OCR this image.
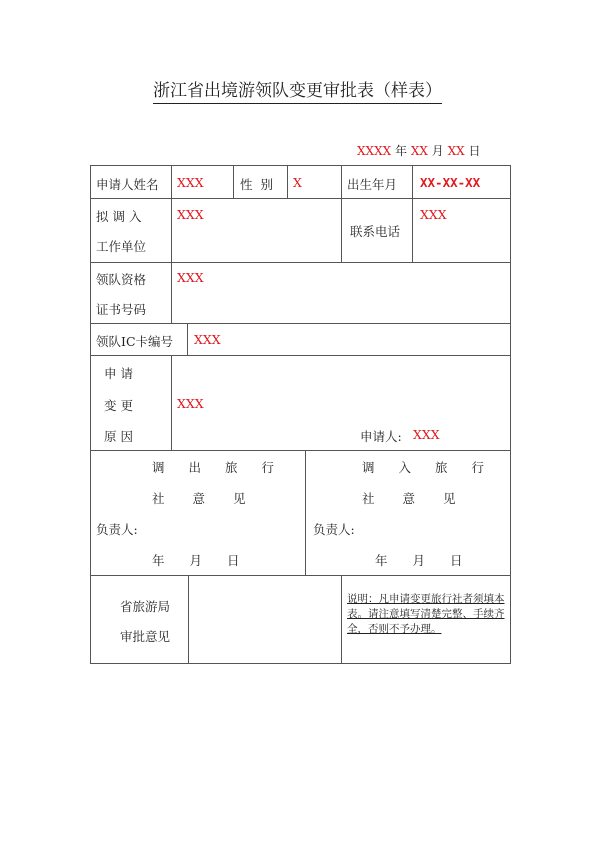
浙江省出境游领队变更审批表（样表）
XXXX 年 XX 月 XX 日
申请人姓名 XXX	性  别 X	出生年月 XX-XX-XX
拟 调 入
工作单位
XXX
联系电话
XXX
领队资格
证书号码
XXX
领队IC卡编号 XXX
申 请
变 更
原 因
XXX
申请人: XXX
调出旅行
社意见
负责人:
年　　月　　日
调入旅行
社意见
负责人:
年　　月　　日
省旅游局
审批意见
说明：凡申请变更旅行社者须填本表。请注意填写清楚完整、手续齐全，否则不予办理。
